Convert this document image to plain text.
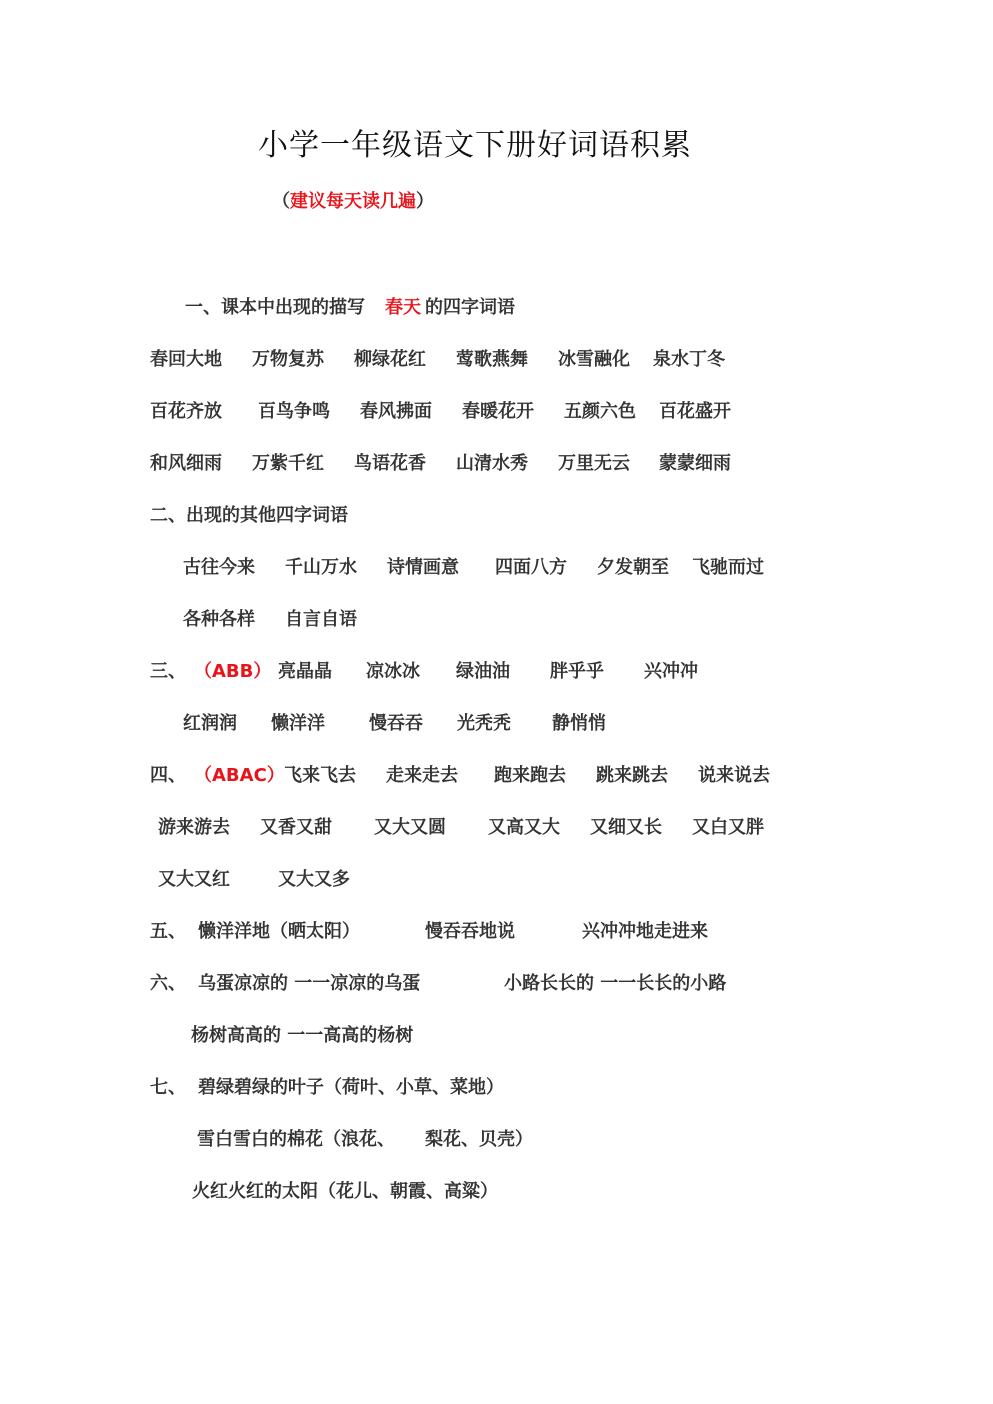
小学一年级语文下册好词语积累
（建议每天读几遍）
一、课本中出现的描写 春天 的四字词语
春回大地 万物复苏 柳绿花红 莺歌燕舞 冰雪融化 泉水丁冬
百花齐放 百鸟争鸣 春风拂面 春暖花开 五颜六色 百花盛开
和风细雨 万紫千红 鸟语花香 山清水秀 万里无云 蒙蒙细雨
二、出现的其他四字词语
古往今来 千山万水 诗情画意 四面八方 夕发朝至 飞驰而过
各种各样 自言自语
三、 （ABB） 亮晶晶 凉冰冰 绿油油 胖乎乎 兴冲冲
红润润 懒洋洋 慢吞吞 光秃秃 静悄悄
四、 （ABAC） 飞来飞去 走来走去 跑来跑去 跳来跳去 说来说去
游来游去 又香又甜 又大又圆 又高又大 又细又长 又白又胖
又大又红	又大又多
五、 懒洋洋地（晒太阳）	慢吞吞地说	兴冲冲地走进来
六、 乌蛋凉凉的 一一凉凉的乌蛋	小路长长的 一一长长的小路
杨树高高的 一一高高的杨树
七、 碧绿碧绿的叶子（荷叶、小草、菜地）
雪白雪白的棉花（浪花、 梨花、贝壳）
火红火红的太阳（花儿、朝霞、高粱）
